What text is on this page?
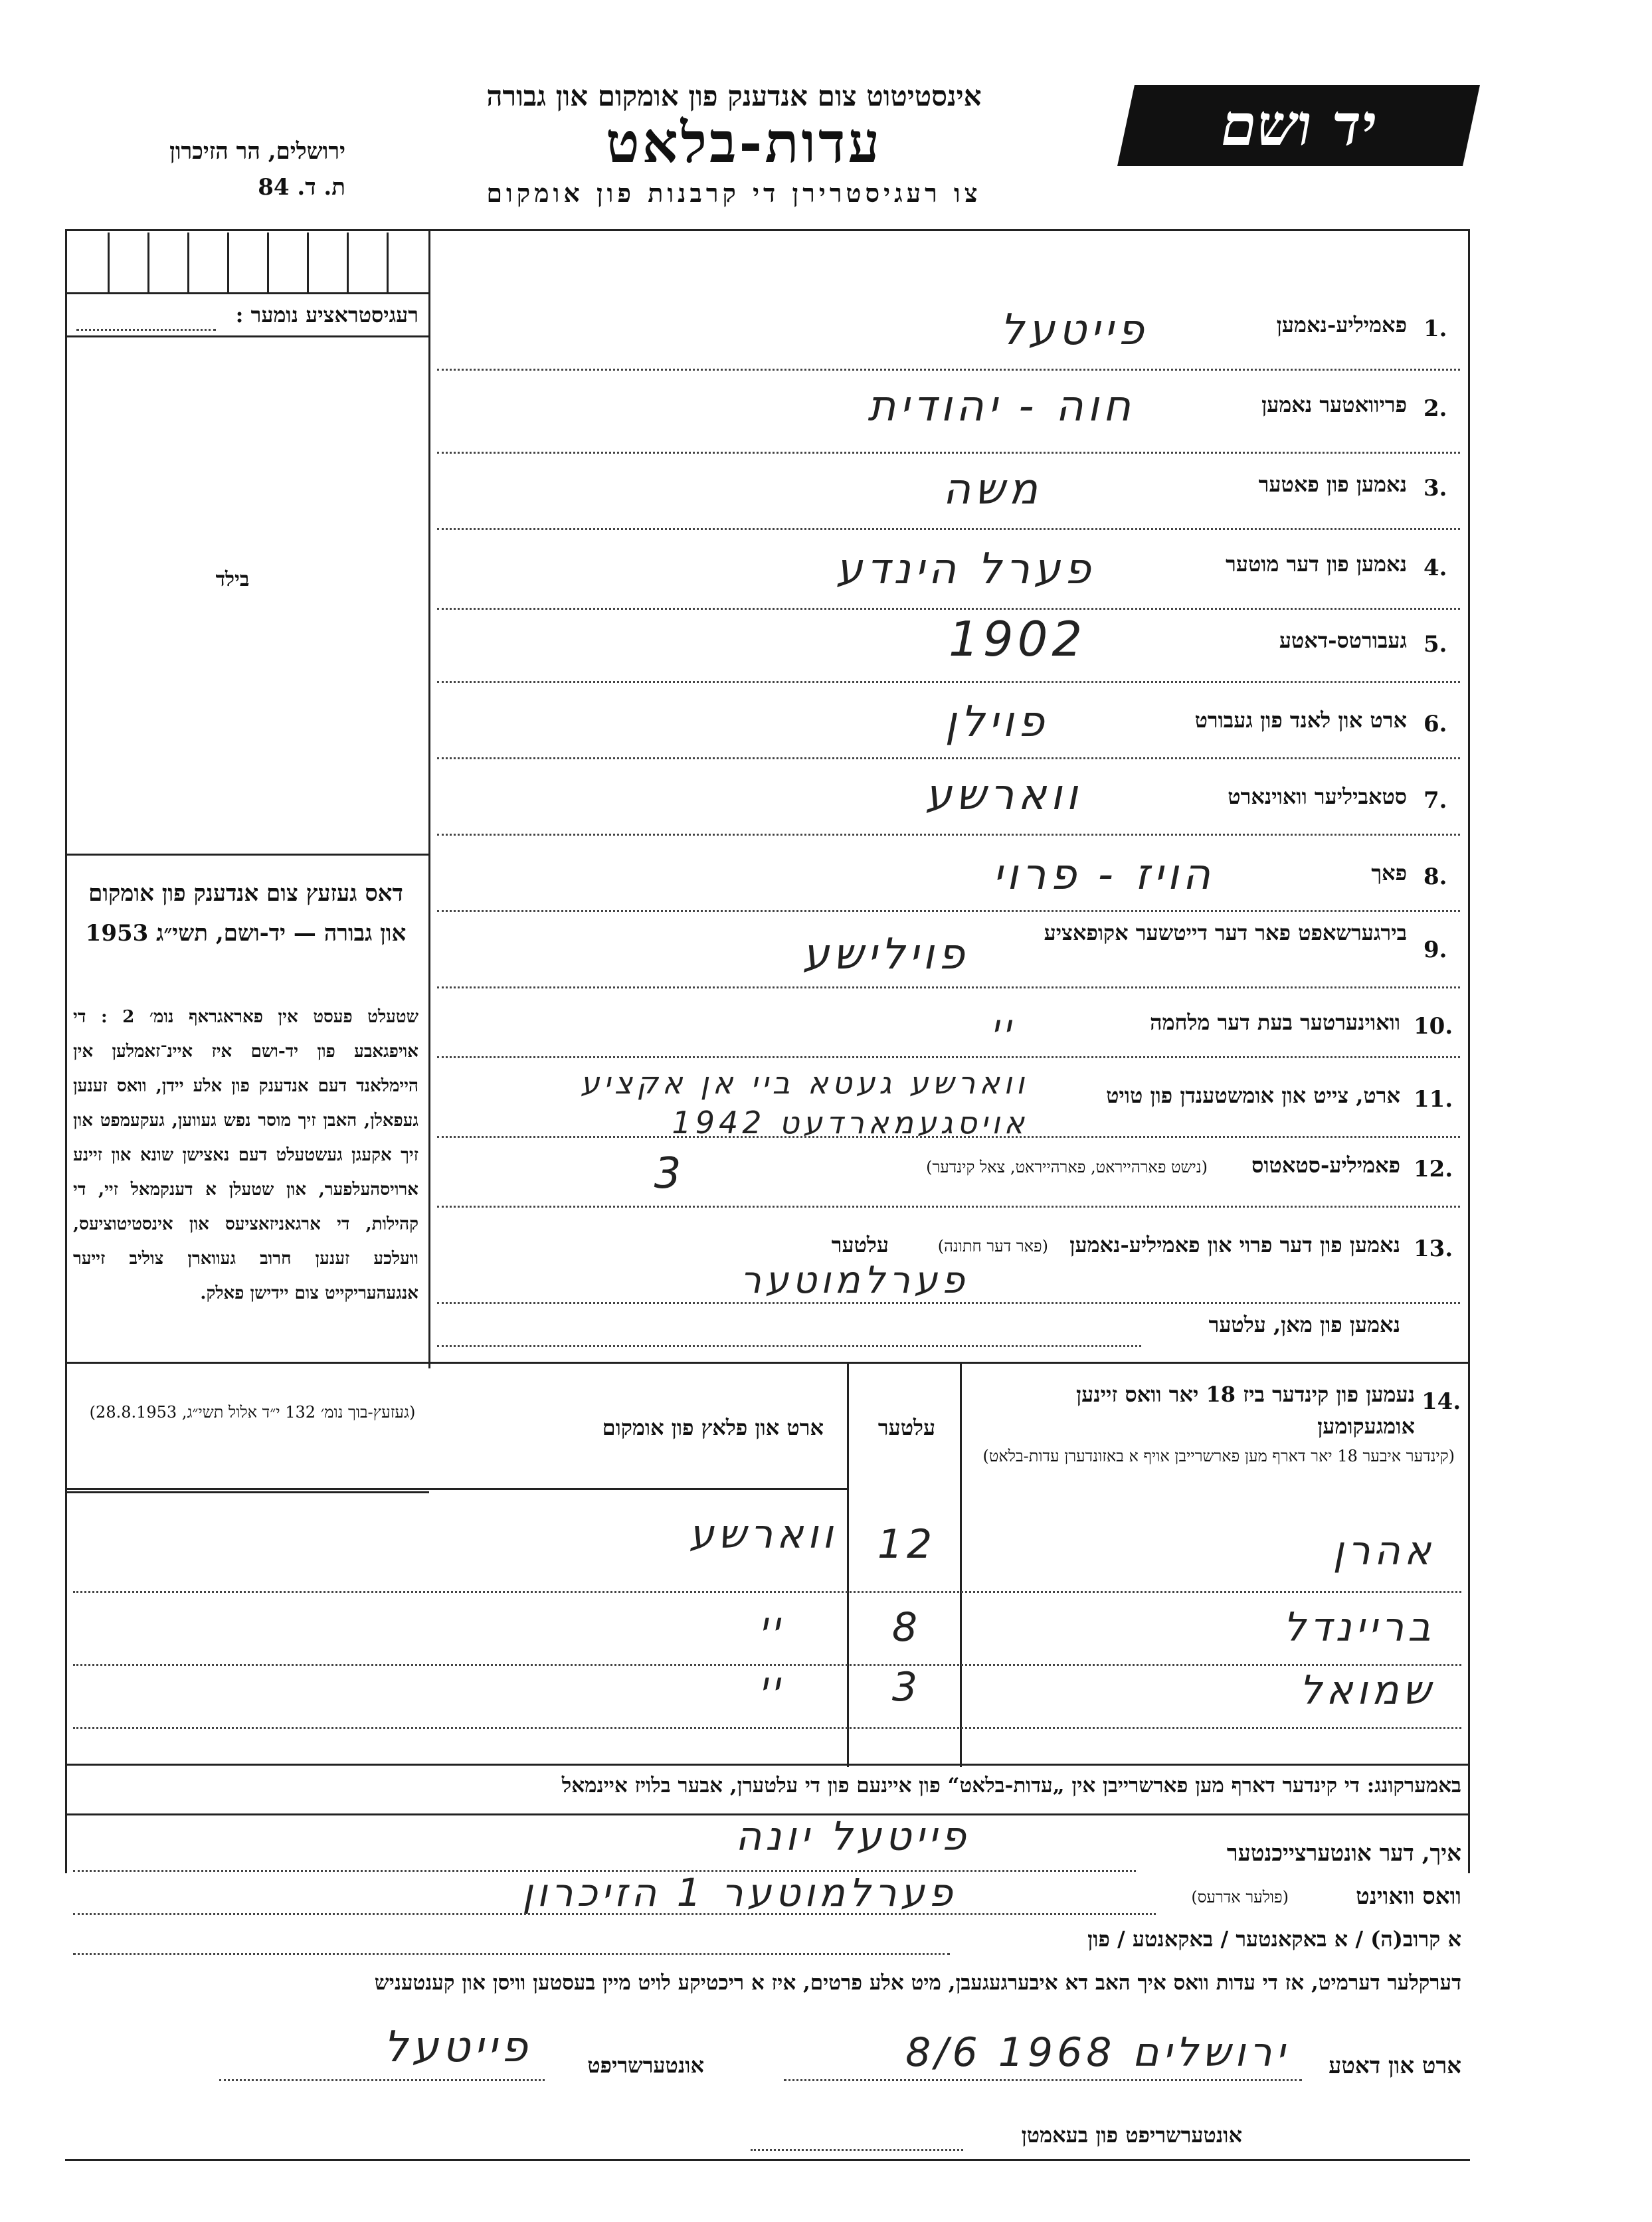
יד ושם
אינסטיטוט צום אנדענק פון אומקום און גבורה
עדות-בלאט
צו רעגיסטרירן די קרבנות פון אומקום
ירושלים, הר הזיכרון
ת. ד. 84
רעגיסטראציע נומער :
בילד
דאס געזעץ צום אנדענק פון אומקום און גבורה — יד-ושם, תשי״ג 1953
שטעלט פעסט אין פאראגראף נומ׳ 2 : די אויפגאבע פון יד-ושם איז איינ־זאמלען אין היימלאנד דעם אנדענק פון אלע יידן, וואס זענען געפאלן, האבן זיך מוסר נפש געווען, געקעמפט און זיך אקעגן געשטעלט דעם נאצישן שונא און זיינע ארויסהעלפער, און שטעלן א דענקמאל זיי, די קהילות, די ארגאניזאציעס און אינסטיטוציעס, וועלכע זענען חרוב געווארן צוליב זייער אנגעהעריקייט צום יידישן פאלק.
(געזעץ-בוך נומ׳ 132 י״ד אלול תשי״ג, 28.8.1953)
1.
פאמיליע-נאמען
פייטעל
2.
פריוואטער נאמען
חוה - יהודית
3.
נאמען פון פאטער
משה
4.
נאמען פון דער מוטער
פערל הינדע
5.
געבורטס-דאטע
1902
6.
ארט און לאנד פון געבורט
פוילן
7.
סטאביליער וואוינארט
ווארשע
8.
פאך
הויז - פרוי
9.
בירגערשאפט פאר דער דייטשער אקופאציע
פוילישע
10.
וואוינערטער בעת דער מלחמה
יי
11.
ארט, צייט און אומשטענדן פון טויט
ווארשע געטא ביי אן אקציע אויסגעמארדעט 1942
12.
פאמיליע-סטאטוס
(נישט פארהייראט, פארהייראט, צאל קינדער)
3
13.
נאמען פון דער פרוי און פאמיליע-נאמען
(פאר דער חתונה)
עלטער
פערלמוטער
נאמען פון מאן, עלטער
14.
נעמען פון קינדער ביז 18 יאר וואס זיינען אומגעקומען
(קינדער איבער 18 יאר דארף מען פארשרייבן אויף א באזונדערן עדות-בלאט)
עלטער
ארט און פלאץ פון אומקום
ווארשע	12	אהרן
יי	8	בריינדל
יי	3	שמואל
באמערקונג: די קינדער דארף מען פארשרייבן אין „עדות-בלאט“ פון איינעם פון די עלטערן, אבער בלויז איינמאל
איך, דער אונטערצייכנטער
פייטעל יונה
וואס וואוינט
(פולער אדרעס)
פערלמוטער 1 הזיכרון
א קרוב(ה) / א באקאנטער / באקאנטע / פון
דערקלער דערמיט, אז די עדות וואס איך האב דא איבערגעגעבן, מיט אלע פרטים, איז א ריכטיקע לויט מיין בעסטען וויסן און קענטעניש
ארט און דאטע
ירושלים 1968 8/6
אונטערשריפט
פייטעל
אונטערשריפט פון בעאמטן
